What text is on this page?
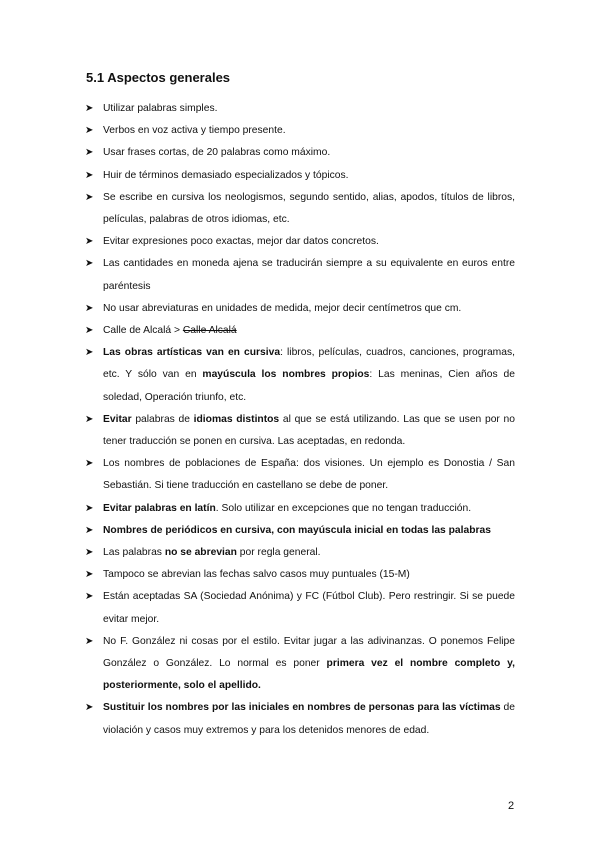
5.1 Aspectos generales
➤ Utilizar palabras simples.
➤ Verbos en voz activa y tiempo presente.
➤ Usar frases cortas, de 20 palabras como máximo.
➤ Huir de términos demasiado especializados y tópicos.
➤ Se escribe en cursiva los neologismos, segundo sentido, alias, apodos, títulos de libros, películas, palabras de otros idiomas, etc.
➤ Evitar expresiones poco exactas, mejor dar datos concretos.
➤ Las cantidades en moneda ajena se traducirán siempre a su equivalente en euros entre paréntesis
➤ No usar abreviaturas en unidades de medida, mejor decir centímetros que cm.
➤ Calle de Alcalá > Calle Alcalá
➤ Las obras artísticas van en cursiva: libros, películas, cuadros, canciones, programas, etc. Y sólo van en mayúscula los nombres propios: Las meninas, Cien años de soledad, Operación triunfo, etc.
➤ Evitar palabras de idiomas distintos al que se está utilizando. Las que se usen por no tener traducción se ponen en cursiva. Las aceptadas, en redonda.
➤ Los nombres de poblaciones de España: dos visiones. Un ejemplo es Donostia / San Sebastián. Si tiene traducción en castellano se debe de poner.
➤ Evitar palabras en latín. Solo utilizar en excepciones que no tengan traducción.
➤ Nombres de periódicos en cursiva, con mayúscula inicial en todas las palabras
➤ Las palabras no se abrevian por regla general.
➤ Tampoco se abrevian las fechas salvo casos muy puntuales (15-M)
➤ Están aceptadas SA (Sociedad Anónima) y FC (Fútbol Club). Pero restringir. Si se puede evitar mejor.
➤ No F. González ni cosas por el estilo. Evitar jugar a las adivinanzas. O ponemos Felipe González o González. Lo normal es poner primera vez el nombre completo y, posteriormente, solo el apellido.
➤ Sustituir los nombres por las iniciales en nombres de personas para las víctimas de violación y casos muy extremos y para los detenidos menores de edad.
2
